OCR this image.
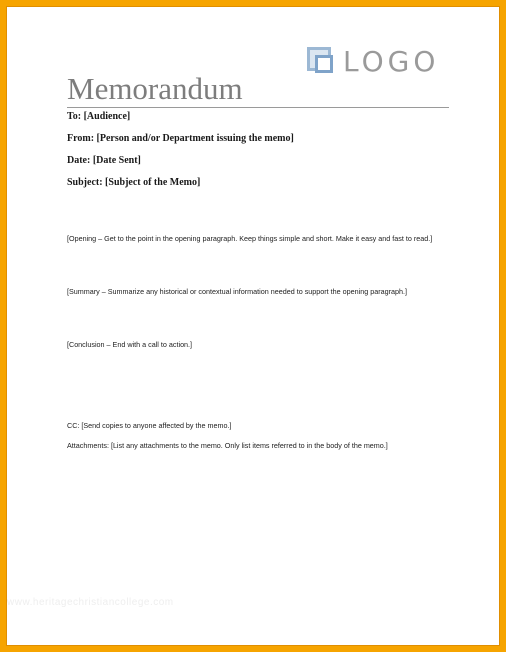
LOGO
Memorandum
To: [Audience]
From: [Person and/or Department issuing the memo]
Date: [Date Sent]
Subject: [Subject of the Memo]
[Opening – Get to the point in the opening paragraph. Keep things simple and short. Make it easy and fast to read.]
[Summary – Summarize any historical or contextual information needed to support the opening paragraph.]
[Conclusion – End with a call to action.]
CC: [Send copies to anyone affected by the memo.]
Attachments: [List any attachments to the memo. Only list items referred to in the body of the memo.]
www.heritagechristiancollege.com
